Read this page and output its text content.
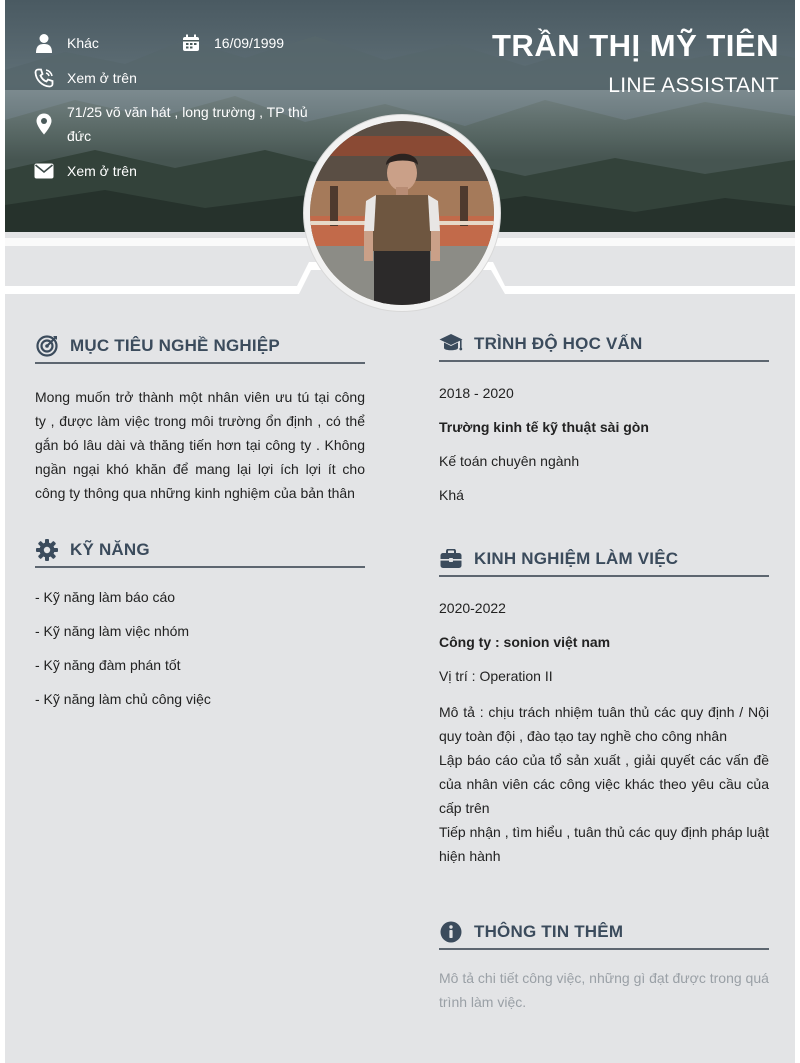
Khác	16/09/1999
Xem ở trên
71/25 võ văn hát , long trường , TP thủ đức
Xem ở trên
TRẦN THỊ MỸ TIÊN
LINE ASSISTANT
MỤC TIÊU NGHỀ NGHIỆP

Mong muốn trở thành một nhân viên ưu tú tại công ty , được làm việc trong môi trường ổn định , có thể gắn bó lâu dài và thăng tiến hơn tại công ty . Không ngần ngại khó khăn để mang lại lợi ích lợi ít cho công ty thông qua những kinh nghiệm của bản thân

KỸ NĂNG
- Kỹ năng làm báo cáo
- Kỹ năng làm việc nhóm
- Kỹ năng đàm phán tốt
- Kỹ năng làm chủ công việc
TRÌNH ĐỘ HỌC VẤN
2018 - 2020
Trường kinh tế kỹ thuật sài gòn
Kế toán chuyên ngành
Khá
KINH NGHIỆM LÀM VIỆC
2020-2022
Công ty : sonion việt nam
Vị trí : Operation II

Mô tả : chịu trách nhiệm tuân thủ các quy định / Nội quy toàn đội , đào tạo tay nghề cho công nhân

Lập báo cáo của tổ sản xuất , giải quyết các vấn đề của nhân viên các công việc khác theo yêu cầu của cấp trên

Tiếp nhận , tìm hiểu , tuân thủ các quy định pháp luật hiện hành

THÔNG TIN THÊM

Mô tả chi tiết công việc, những gì đạt được trong quá trình làm việc.
